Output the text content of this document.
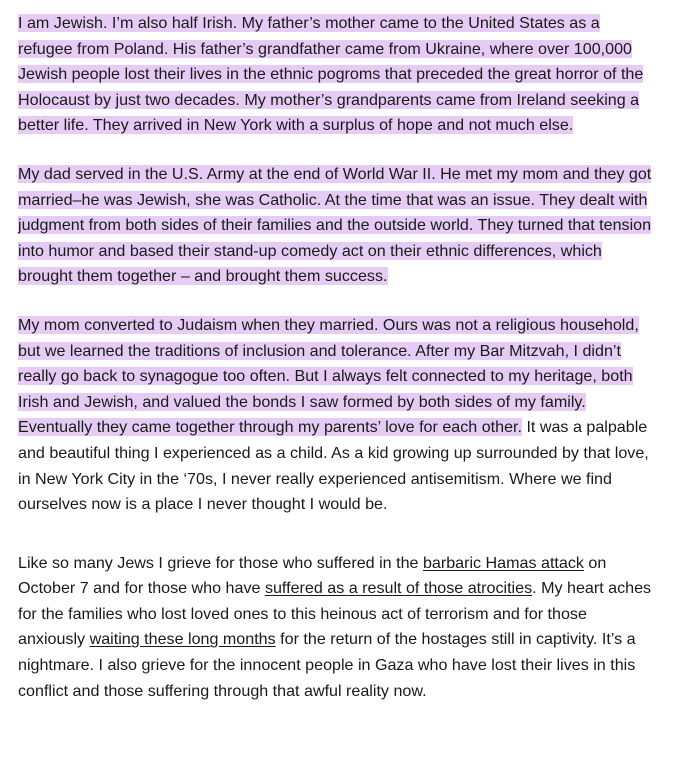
I am Jewish. I’m also half Irish. My father’s mother came to the United States as a refugee from Poland. His father’s grandfather came from Ukraine, where over 100,000 Jewish people lost their lives in the ethnic pogroms that preceded the great horror of the Holocaust by just two decades. My mother’s grandparents came from Ireland seeking a better life. They arrived in New York with a surplus of hope and not much else.

My dad served in the U.S. Army at the end of World War II. He met my mom and they got married–he was Jewish, she was Catholic. At the time that was an issue. They dealt with judgment from both sides of their families and the outside world. They turned that tension into humor and based their stand-up comedy act on their ethnic differences, which brought them together – and brought them success.

My mom converted to Judaism when they married. Ours was not a religious household, but we learned the traditions of inclusion and tolerance. After my Bar Mitzvah, I didn’t really go back to synagogue too often. But I always felt connected to my heritage, both Irish and Jewish, and valued the bonds I saw formed by both sides of my family. Eventually they came together through my parents’ love for each other. It was a palpable and beautiful thing I experienced as a child. As a kid growing up surrounded by that love, in New York City in the ‘70s, I never really experienced antisemitism. Where we find ourselves now is a place I never thought I would be.

Like so many Jews I grieve for those who suffered in the barbaric Hamas attack on October 7 and for those who have suffered as a result of those atrocities. My heart aches for the families who lost loved ones to this heinous act of terrorism and for those anxiously waiting these long months for the return of the hostages still in captivity. It’s a nightmare. I also grieve for the innocent people in Gaza who have lost their lives in this conflict and those suffering through that awful reality now.
